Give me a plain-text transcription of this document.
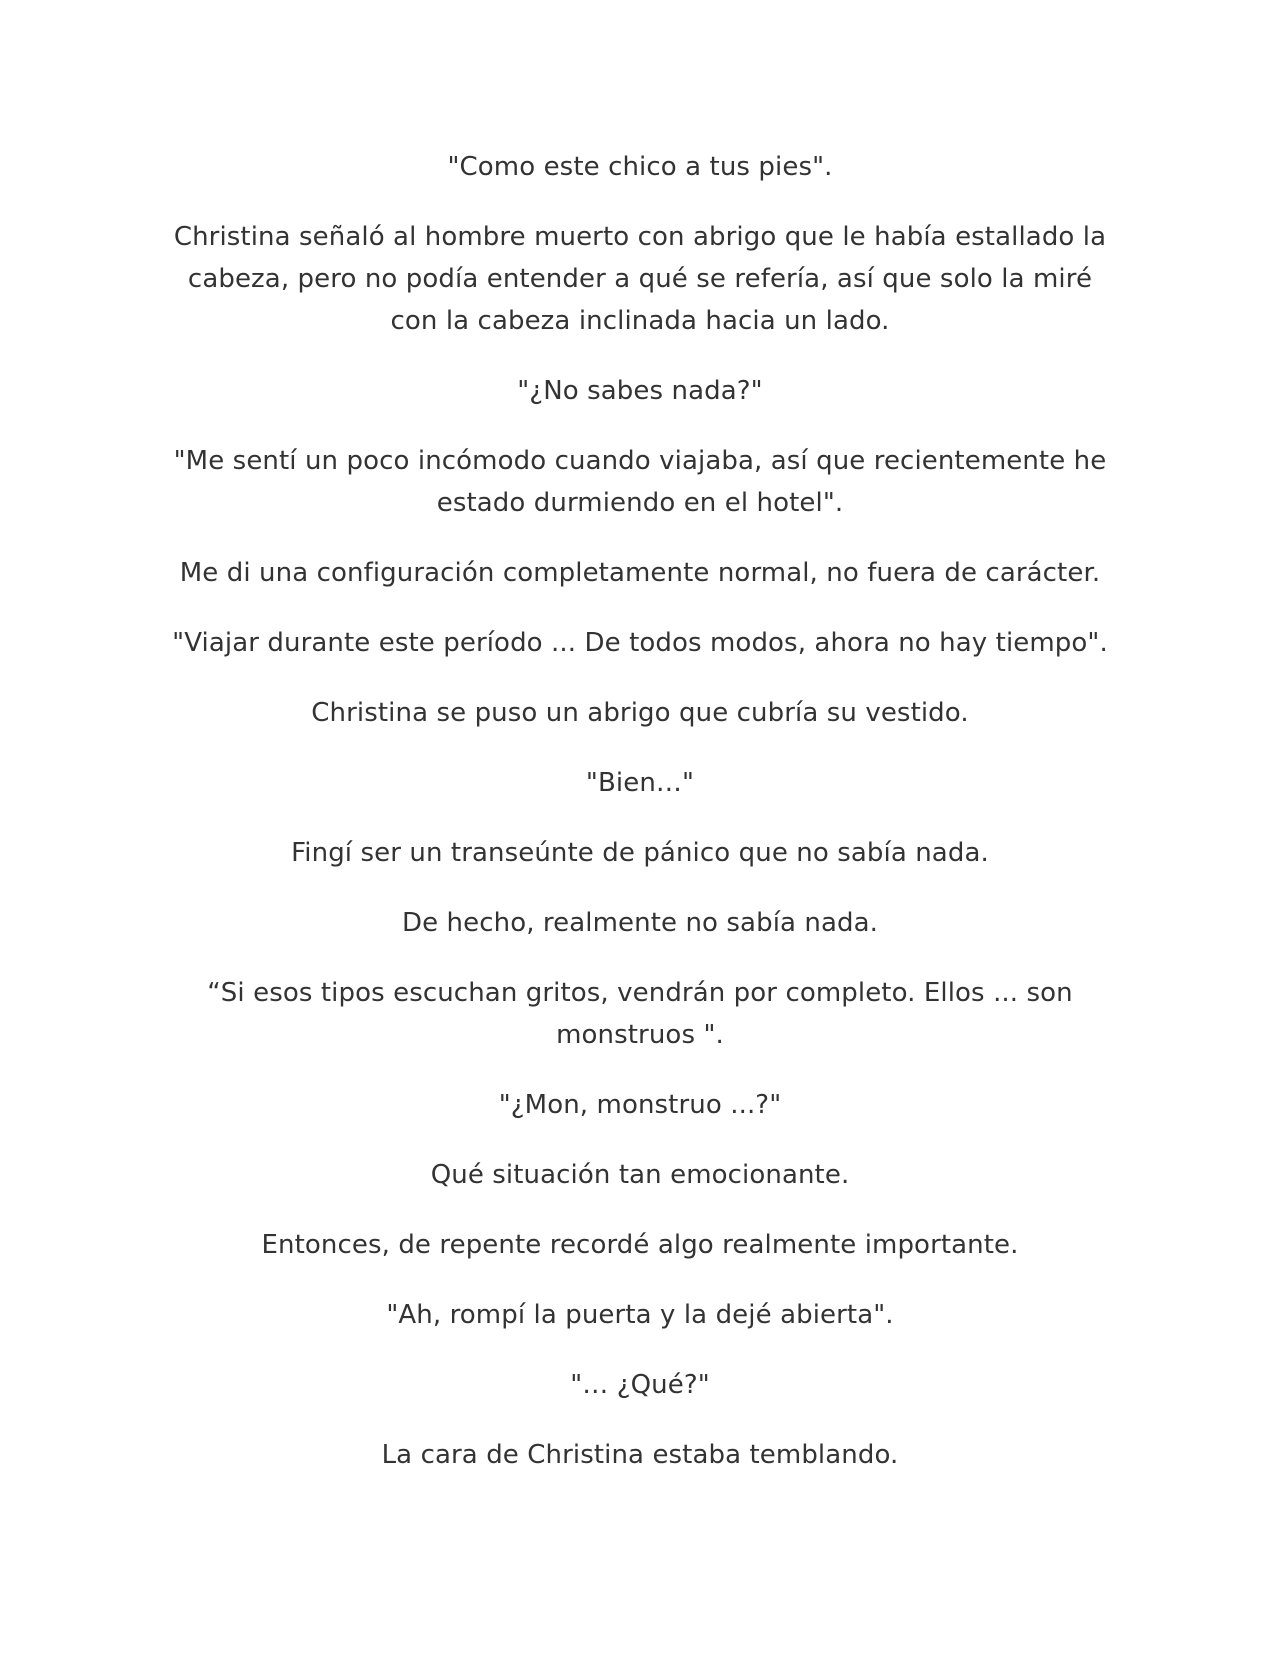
"Como este chico a tus pies".

Christina señaló al hombre muerto con abrigo que le había estallado la cabeza, pero no podía entender a qué se refería, así que solo la miré con la cabeza inclinada hacia un lado.

"¿No sabes nada?"

"Me sentí un poco incómodo cuando viajaba, así que recientemente he estado durmiendo en el hotel".

Me di una configuración completamente normal, no fuera de carácter.

"Viajar durante este período ... De todos modos, ahora no hay tiempo".

Christina se puso un abrigo que cubría su vestido.

"Bien…"

Fingí ser un transeúnte de pánico que no sabía nada.

De hecho, realmente no sabía nada.

“Si esos tipos escuchan gritos, vendrán por completo. Ellos ... son monstruos ".

"¿Mon, monstruo ...?"

Qué situación tan emocionante.

Entonces, de repente recordé algo realmente importante.

"Ah, rompí la puerta y la dejé abierta".

"… ¿Qué?"

La cara de Christina estaba temblando.
